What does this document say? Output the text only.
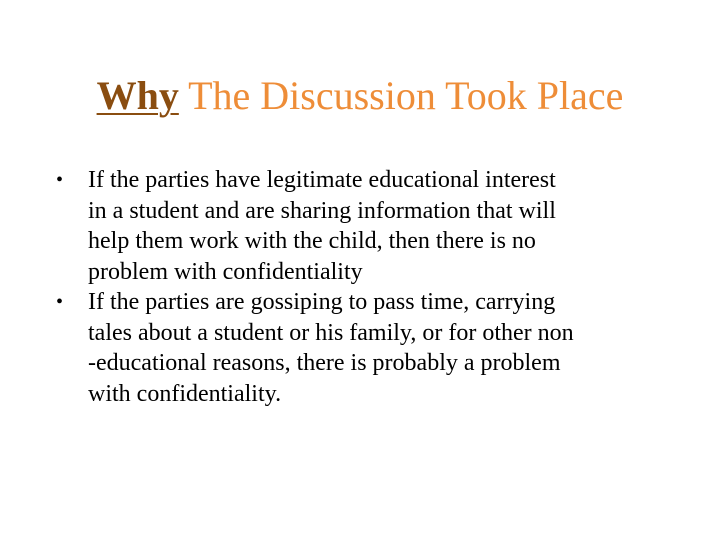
Why The Discussion Took Place
•	If the parties have legitimate educational interest
in a student and are sharing information that will
help them work with the child, then there is no
problem with confidentiality
•	If the parties are gossiping to pass time, carrying
tales about a student or his family, or for other non
-educational reasons, there is probably a problem
with confidentiality.
